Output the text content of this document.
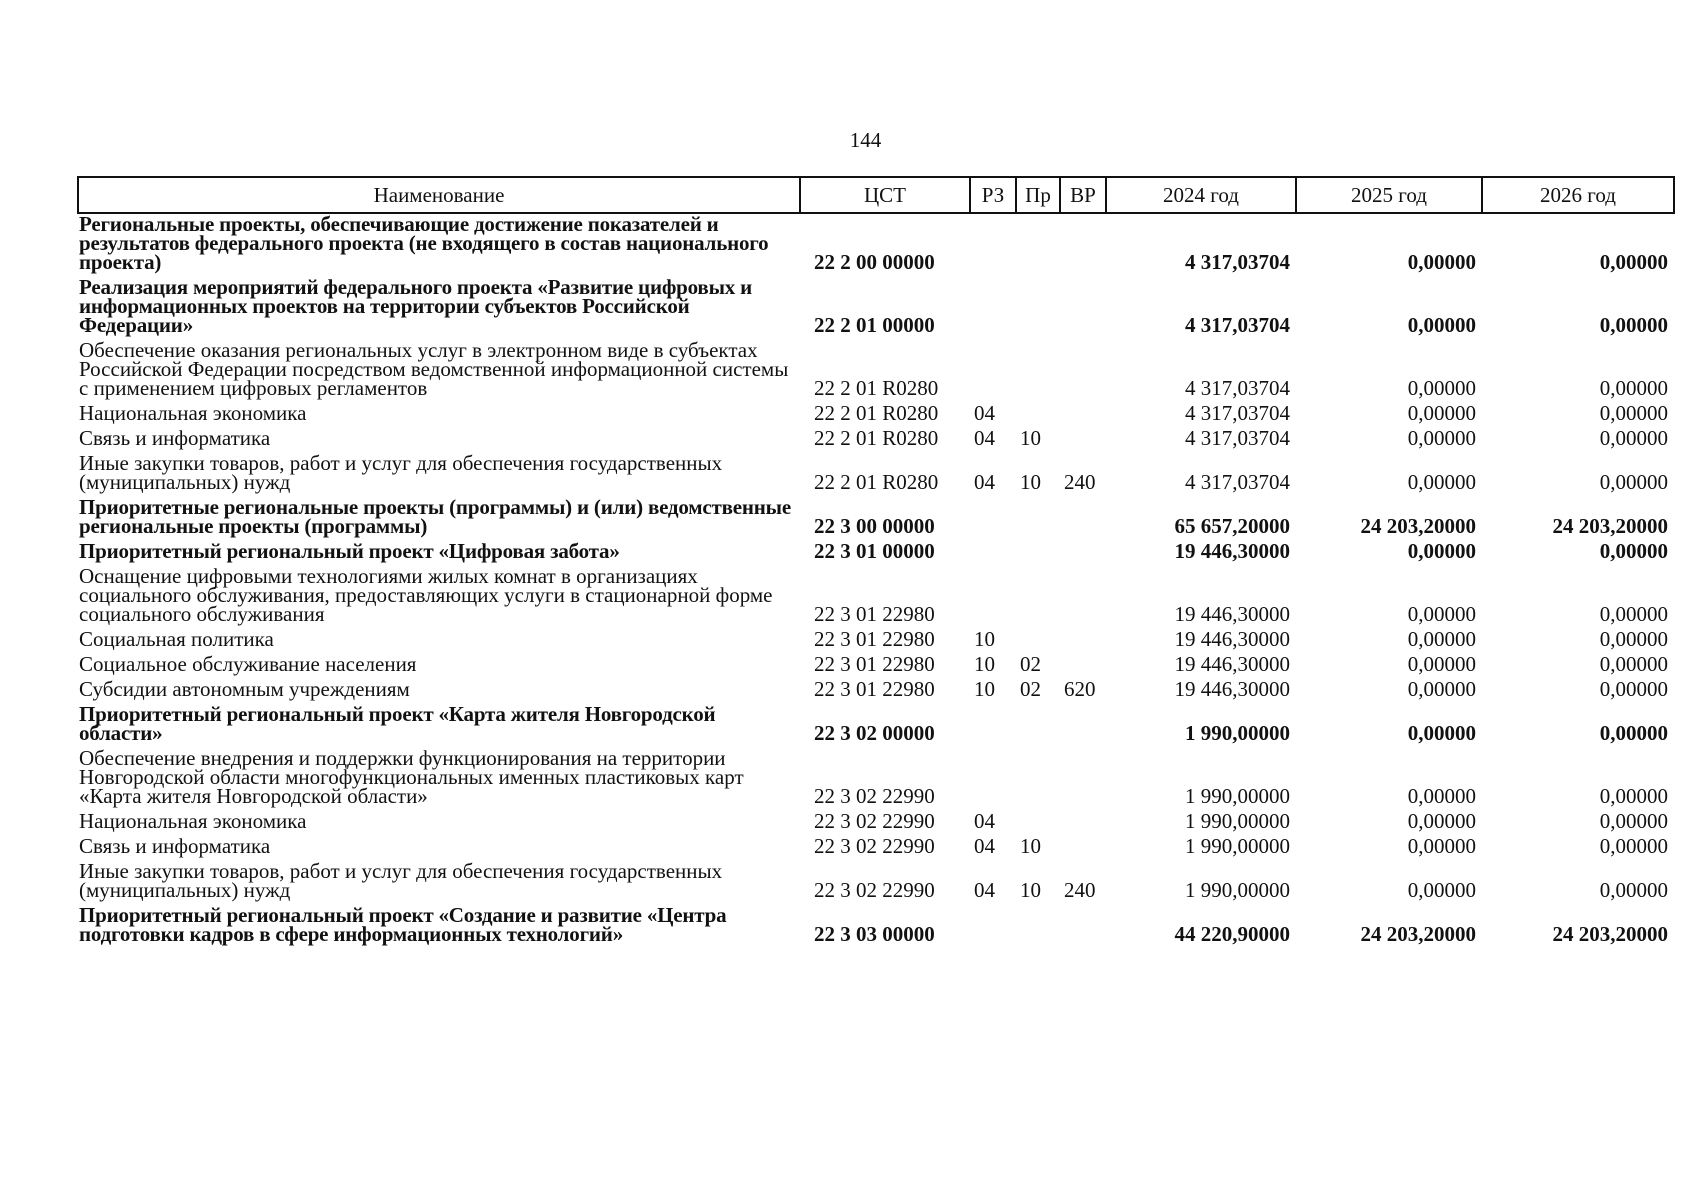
144
Наименование	ЦСТ	РЗ	Пр	ВР	2024 год	2025 год	2026 год
Региональные проекты, обеспечивающие достижение показателей и результатов федерального проекта (не входящего в состав национального проекта)	22 2 00 00000				4 317,03704	0,00000	0,00000
Реализация мероприятий федерального проекта «Развитие цифровых и информационных проектов на территории субъектов Российской Федерации»	22 2 01 00000				4 317,03704	0,00000	0,00000
Обеспечение оказания региональных услуг в электронном виде в субъектах Российской Федерации посредством ведомственной информационной системы с применением цифровых регламентов	22 2 01 R0280				4 317,03704	0,00000	0,00000
Национальная экономика	22 2 01 R0280	04			4 317,03704	0,00000	0,00000
Связь и информатика	22 2 01 R0280	04	10		4 317,03704	0,00000	0,00000
Иные закупки товаров, работ и услуг для обеспечения государственных (муниципальных) нужд	22 2 01 R0280	04	10	240	4 317,03704	0,00000	0,00000
Приоритетные региональные проекты (программы) и (или) ведомственные региональные проекты (программы)	22 3 00 00000				65 657,20000	24 203,20000	24 203,20000
Приоритетный региональный проект «Цифровая забота»	22 3 01 00000				19 446,30000	0,00000	0,00000
Оснащение цифровыми технологиями жилых комнат в организациях социального обслуживания, предоставляющих услуги в стационарной форме социального обслуживания	22 3 01 22980				19 446,30000	0,00000	0,00000
Социальная политика	22 3 01 22980	10			19 446,30000	0,00000	0,00000
Социальное обслуживание населения	22 3 01 22980	10	02		19 446,30000	0,00000	0,00000
Субсидии автономным учреждениям	22 3 01 22980	10	02	620	19 446,30000	0,00000	0,00000
Приоритетный региональный проект «Карта жителя Новгородской области»	22 3 02 00000				1 990,00000	0,00000	0,00000
Обеспечение внедрения и поддержки функционирования на территории Новгородской области многофункциональных именных пластиковых карт «Карта жителя Новгородской области»	22 3 02 22990				1 990,00000	0,00000	0,00000
Национальная экономика	22 3 02 22990	04			1 990,00000	0,00000	0,00000
Связь и информатика	22 3 02 22990	04	10		1 990,00000	0,00000	0,00000
Иные закупки товаров, работ и услуг для обеспечения государственных (муниципальных) нужд	22 3 02 22990	04	10	240	1 990,00000	0,00000	0,00000
Приоритетный региональный проект «Создание и развитие «Центра подготовки кадров в сфере информационных технологий»	22 3 03 00000				44 220,90000	24 203,20000	24 203,20000
